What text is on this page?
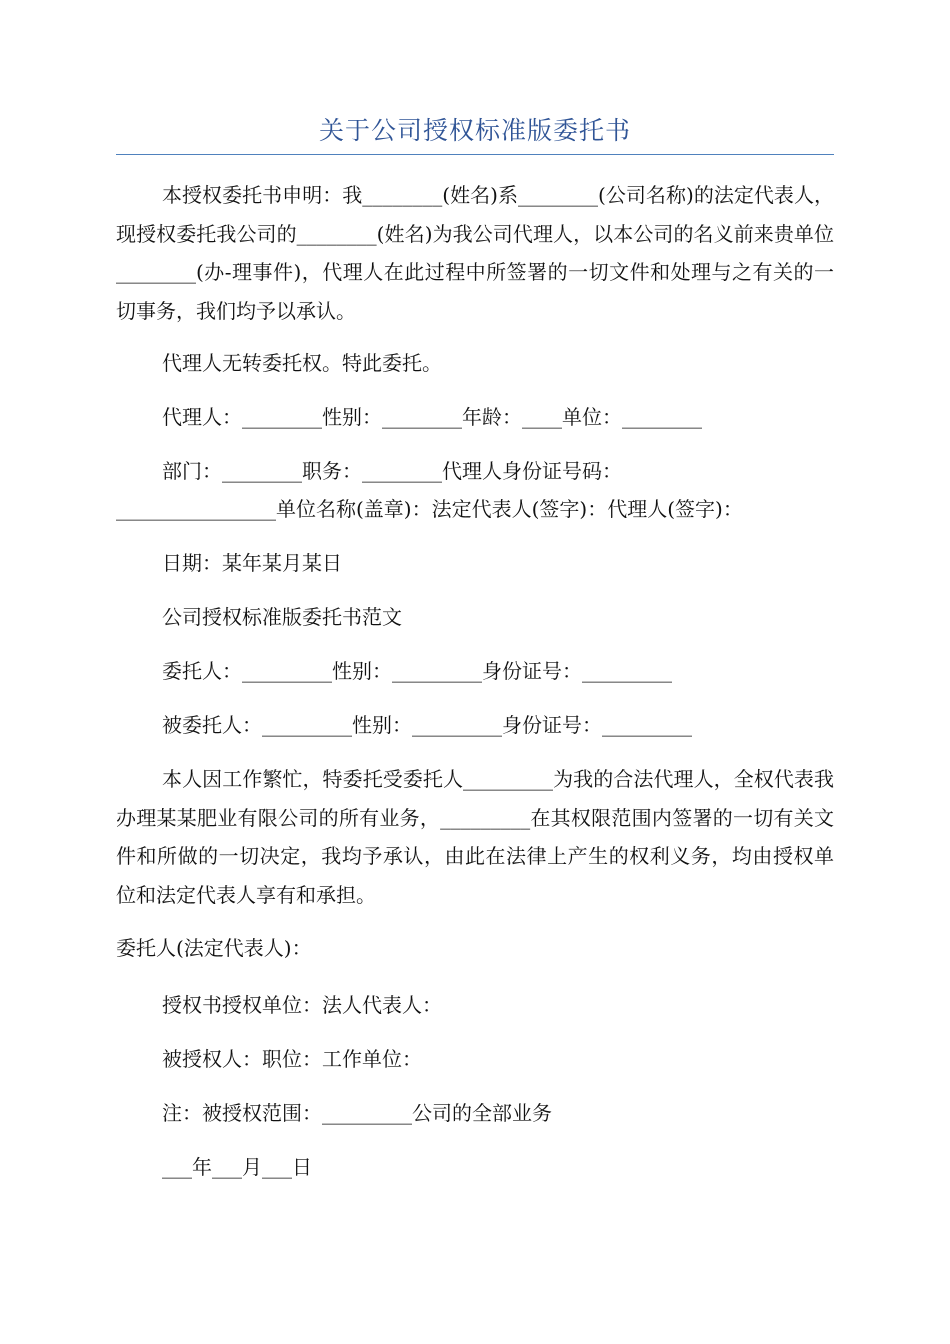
关于公司授权标准版委托书

本授权委托书申明：我________(姓名)系________(公司名称)的法定代表人，现授权委托我公司的________(姓名)为我公司代理人，以本公司的名义前来贵单位________(办-理事件)，代理人在此过程中所签署的一切文件和处理与之有关的一切事务，我们均予以承认。

代理人无转委托权。特此委托。

代理人：________性别：________年龄：____单位：________

部门：________职务：________代理人身份证号码：

________________单位名称(盖章)：法定代表人(签字)：代理人(签字)：

日期：某年某月某日

公司授权标准版委托书范文

委托人：_________性别：_________身份证号：_________

被委托人：_________性别：_________身份证号：_________

本人因工作繁忙，特委托受委托人_________为我的合法代理人，全权代表我办理某某肥业有限公司的所有业务，_________在其权限范围内签署的一切有关文件和所做的一切决定，我均予承认，由此在法律上产生的权利义务，均由授权单位和法定代表人享有和承担。

委托人(法定代表人)：

授权书授权单位：法人代表人：

被授权人：职位：工作单位：

注：被授权范围：_________公司的全部业务

___年___月___日
